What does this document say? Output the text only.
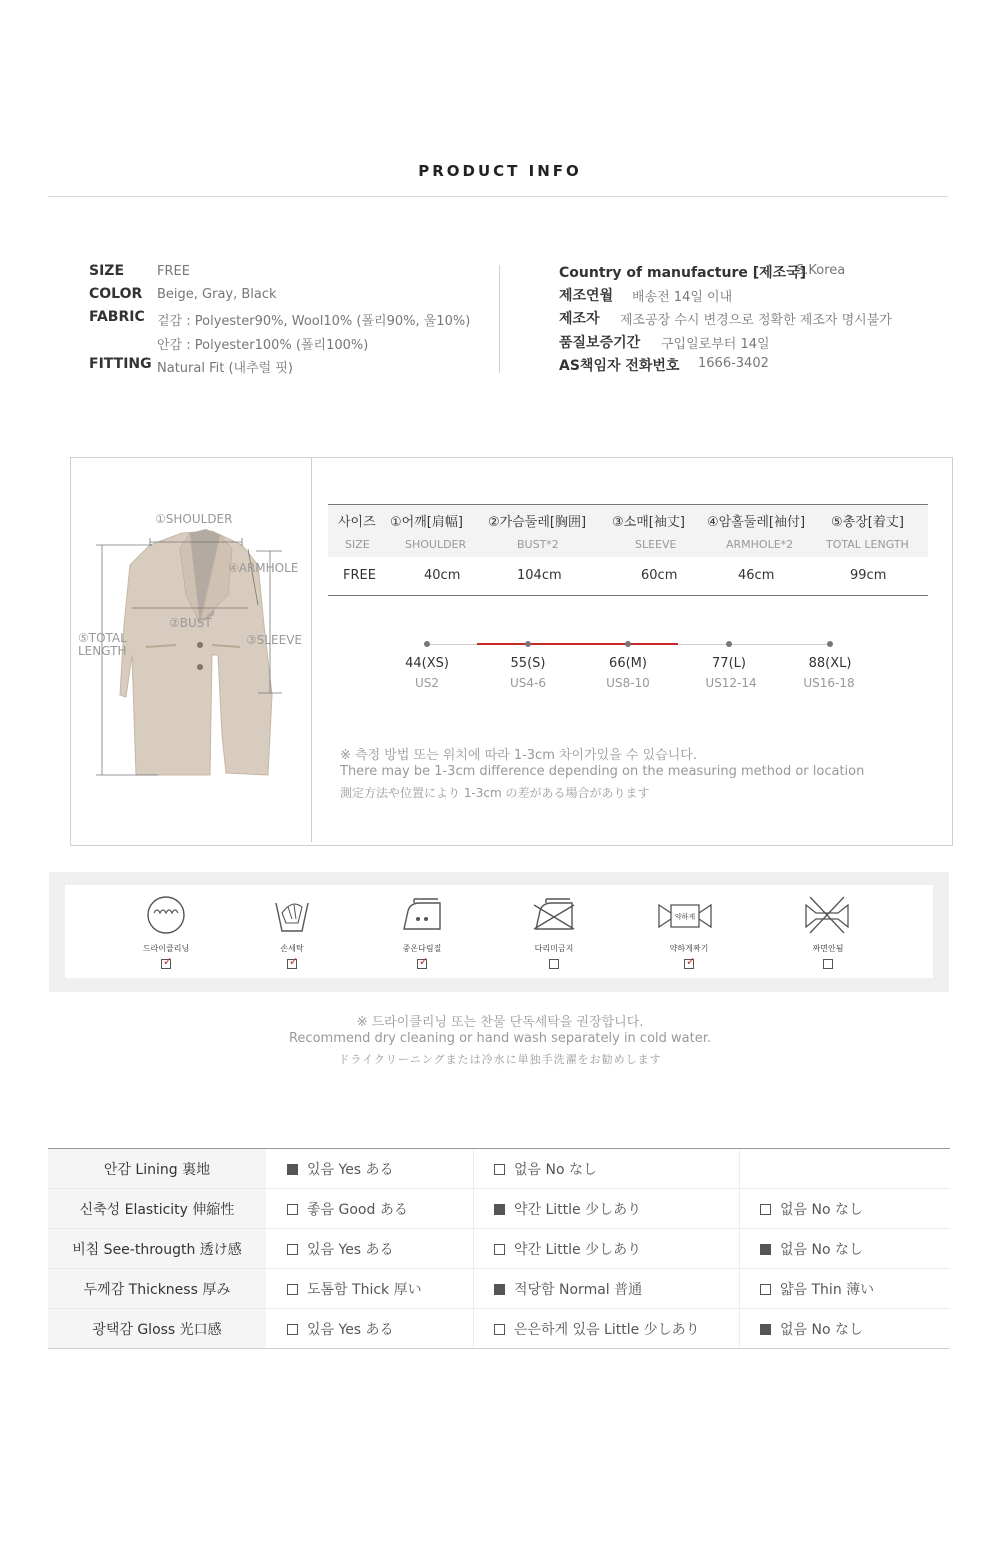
PRODUCT INFO
SIZE	FREE
COLOR Beige, Gray, Black
FABRIC 겉감 : Polyester90%, Wool10% (폴리90%, 울10%)
안감 : Polyester100% (폴리100%)
FITTING Natural Fit (내추럴 핏)
Country of manufacture [제조국]
S.Korea
제조연월 배송전 14일 이내
제조자 제조공장 수시 변경으로 정확한 제조자 명시불가
품질보증기간 구입일로부터 14일
AS책임자 전화번호 1666-3402
①SHOULDER
④ARMHOLE
②BUST
③SLEEVE
⑤TOTAL
LENGTH
사이즈 ①어깨[肩幅] ②가슴둘레[胸囲] ③소매[袖丈] ④암홀둘레[袖付] ⑤총장[着丈]
SIZE	SHOULDER	BUST*2	SLEEVE	ARMHOLE*2	TOTAL LENGTH
FREE	40cm	104cm	60cm	46cm	99cm
44(XS)	55(S)	66(M)	77(L)	88(XL)
US2	US4-6	US8-10	US12-14	US16-18
※ 측정 방법 또는 위치에 따라 1-3cm 차이가있을 수 있습니다.
There may be 1-3cm difference depending on the measuring method or location
測定方法や位置により 1-3cm の差がある場合があります
드라이클리닝
✓
손세탁
✓
중온다림질
✓
다리미금지
약하게
약하게짜기
✓
짜면안됨
※ 드라이클리닝 또는 찬물 단독세탁을 권장합니다.
Recommend dry cleaning or hand wash separately in cold water.
ドライクリーニングまたは冷水に単独手洗濯をお勧めします
안감 Lining 裏地	있음 Yes ある	없음 No なし
신축성 Elasticity 伸縮性	좋음 Good ある	약간 Little 少しあり	없음 No なし
비침 See-througth 透け感	있음 Yes ある	약간 Little 少しあり	없음 No なし
두께감 Thickness 厚み	도톰함 Thick 厚い	적당함 Normal 普通	얇음 Thin 薄い
광택감 Gloss 光口感	있음 Yes ある	은은하게 있음 Little 少しあり	없음 No なし
